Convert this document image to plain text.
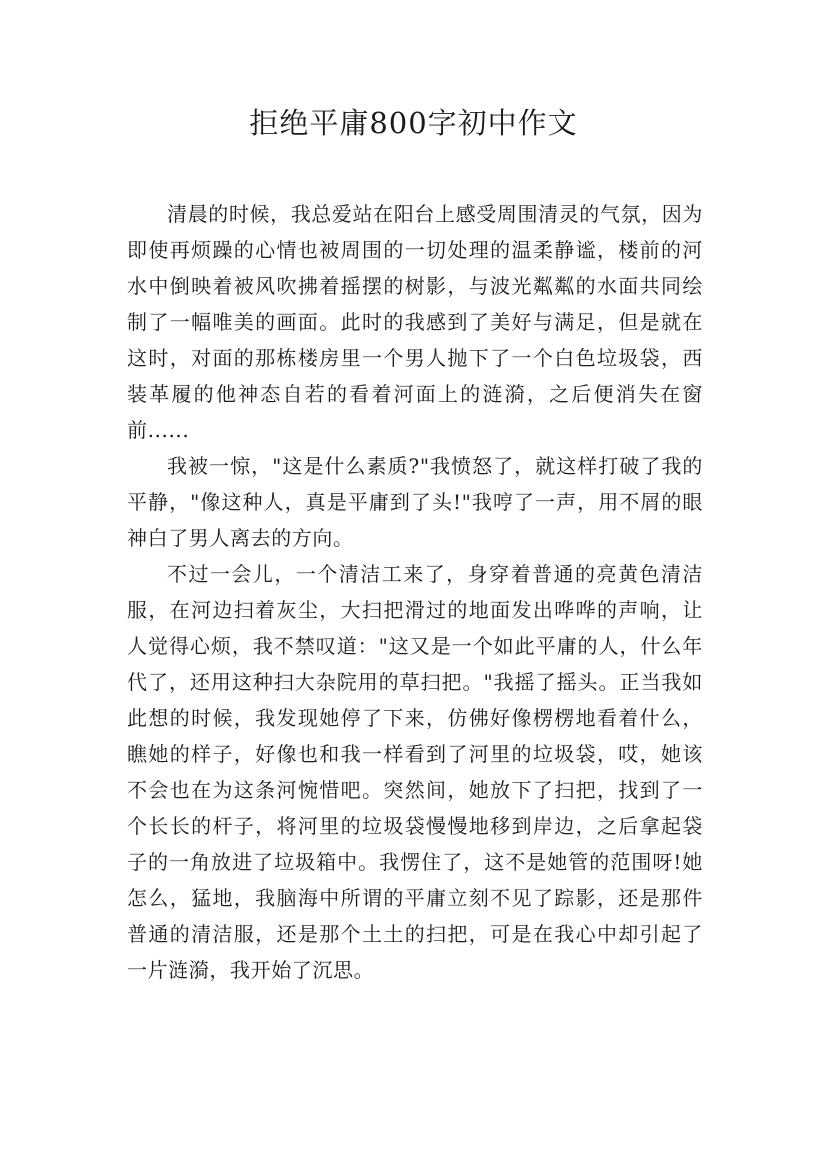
拒绝平庸800字初中作文

清晨的时候，我总爱站在阳台上感受周围清灵的气氛，因为即使再烦躁的心情也被周围的一切处理的温柔静谧，楼前的河水中倒映着被风吹拂着摇摆的树影，与波光粼粼的水面共同绘制了一幅唯美的画面。此时的我感到了美好与满足，但是就在这时，对面的那栋楼房里一个男人抛下了一个白色垃圾袋，西装革履的他神态自若的看着河面上的涟漪，之后便消失在窗前......

我被一惊，"这是什么素质?"我愤怒了，就这样打破了我的平静，"像这种人，真是平庸到了头!"我哼了一声，用不屑的眼神白了男人离去的方向。

不过一会儿，一个清洁工来了，身穿着普通的亮黄色清洁服，在河边扫着灰尘，大扫把滑过的地面发出哗哗的声响，让人觉得心烦，我不禁叹道："这又是一个如此平庸的人，什么年代了，还用这种扫大杂院用的草扫把。"我摇了摇头。正当我如此想的时候，我发现她停了下来，仿佛好像楞楞地看着什么，瞧她的样子，好像也和我一样看到了河里的垃圾袋，哎，她该不会也在为这条河惋惜吧。突然间，她放下了扫把，找到了一个长长的杆子，将河里的垃圾袋慢慢地移到岸边，之后拿起袋子的一角放进了垃圾箱中。我愣住了，这不是她管的范围呀!她怎么，猛地，我脑海中所谓的平庸立刻不见了踪影，还是那件普通的清洁服，还是那个土土的扫把，可是在我心中却引起了一片涟漪，我开始了沉思。
